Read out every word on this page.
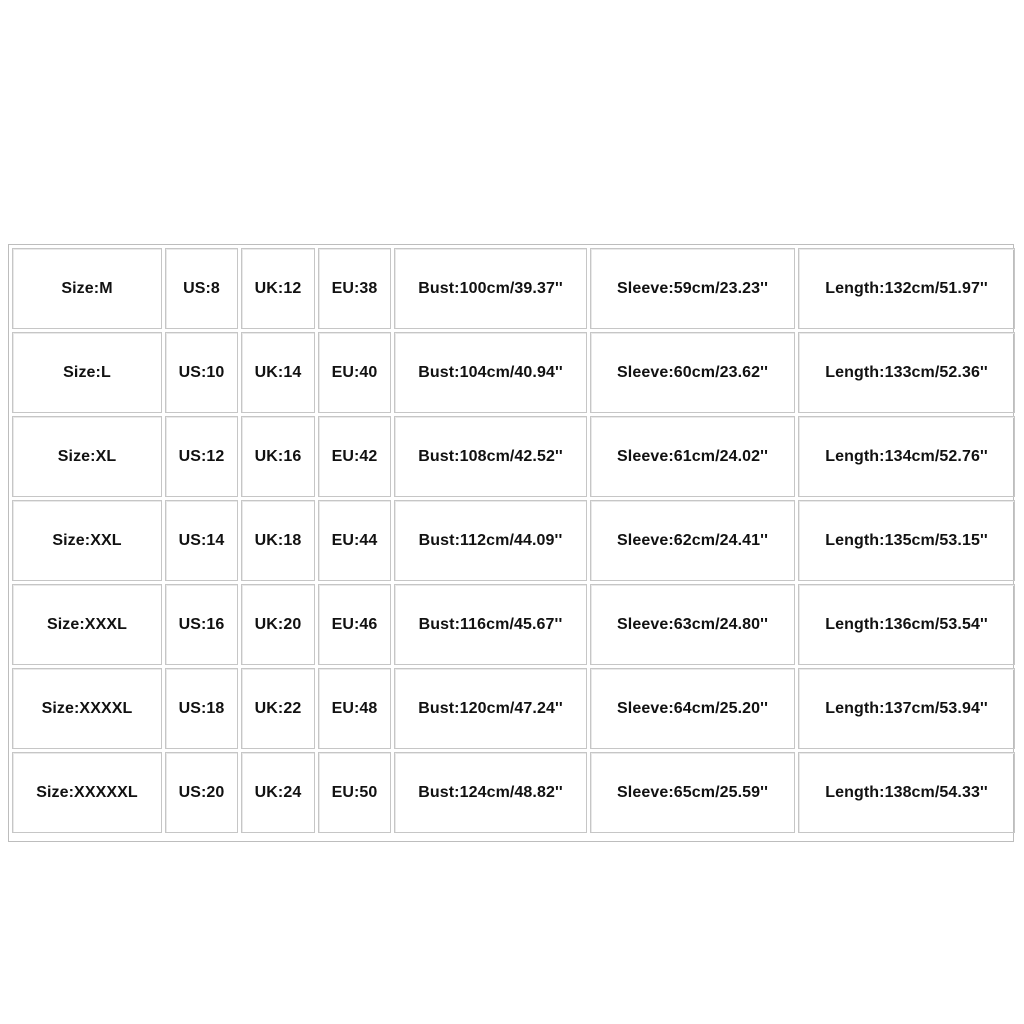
Size:M	US:8	UK:12	EU:38	Bust:100cm/39.37''	Sleeve:59cm/23.23''	Length:132cm/51.97''
Size:L	US:10	UK:14	EU:40	Bust:104cm/40.94''	Sleeve:60cm/23.62''	Length:133cm/52.36''
Size:XL	US:12	UK:16	EU:42	Bust:108cm/42.52''	Sleeve:61cm/24.02''	Length:134cm/52.76''
Size:XXL	US:14	UK:18	EU:44	Bust:112cm/44.09''	Sleeve:62cm/24.41''	Length:135cm/53.15''
Size:XXXL	US:16	UK:20	EU:46	Bust:116cm/45.67''	Sleeve:63cm/24.80''	Length:136cm/53.54''
Size:XXXXL	US:18	UK:22	EU:48	Bust:120cm/47.24''	Sleeve:64cm/25.20''	Length:137cm/53.94''
Size:XXXXXL	US:20	UK:24	EU:50	Bust:124cm/48.82''	Sleeve:65cm/25.59''	Length:138cm/54.33''
